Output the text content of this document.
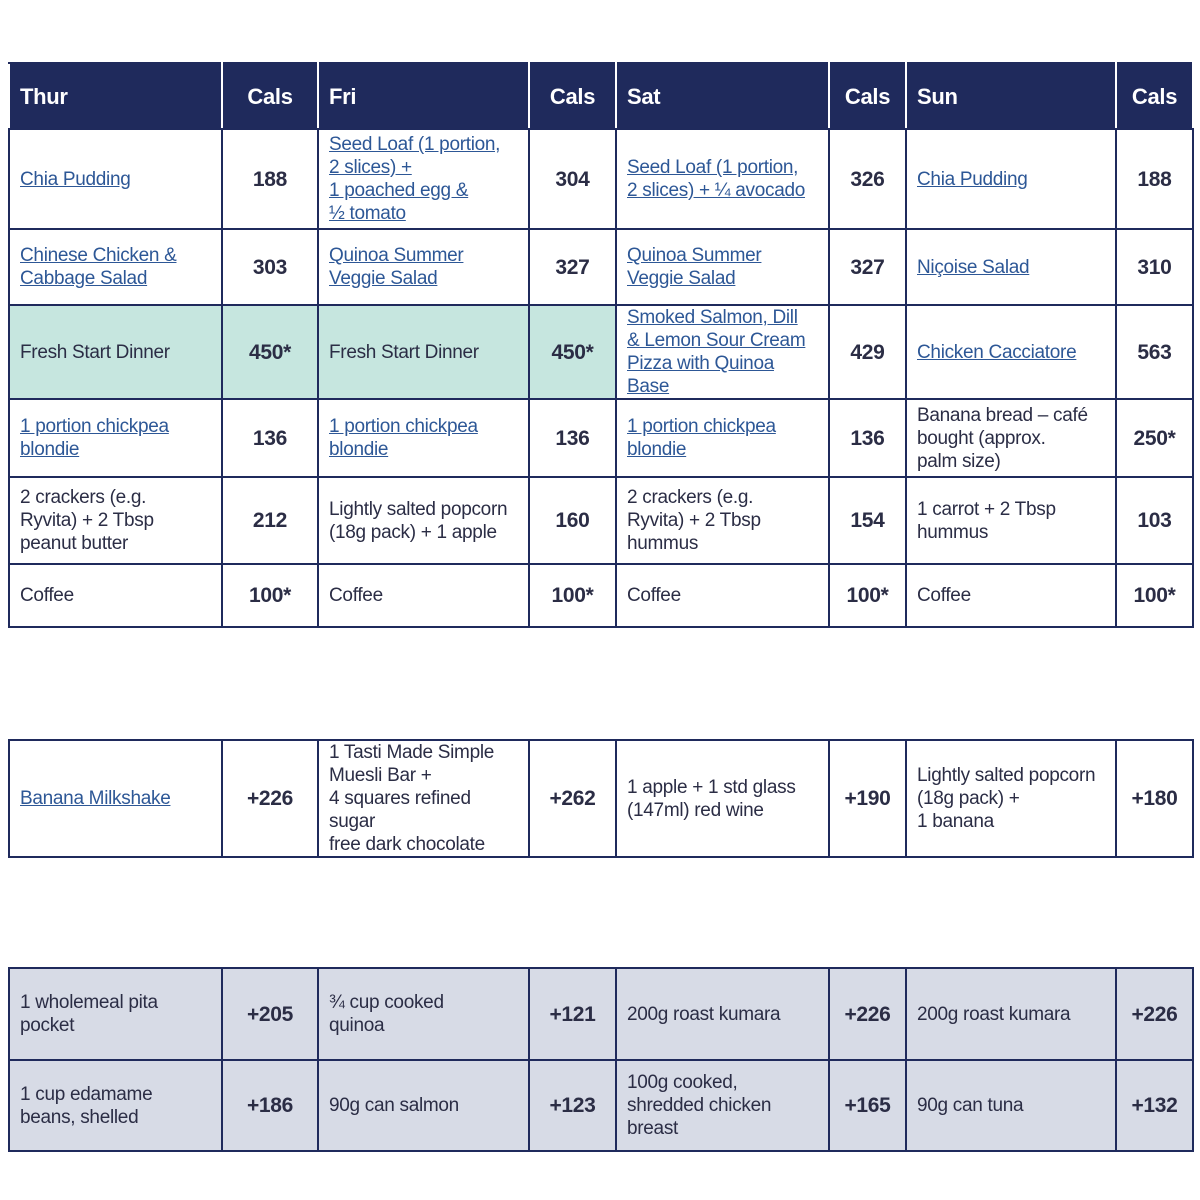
Thur	Cals	Fri	Cals	Sat	Cals	Sun	Cals
Chia Pudding	188	Seed Loaf (1 portion,
2 slices) +
1 poached egg &
½ tomato	304	Seed Loaf (1 portion,
2 slices) + ¼ avocado	326	Chia Pudding	188
Chinese Chicken &
Cabbage Salad	303	Quinoa Summer
Veggie Salad	327	Quinoa Summer
Veggie Salad	327	Niçoise Salad	310
Fresh Start Dinner	450*	Fresh Start Dinner	450*	Smoked Salmon, Dill
& Lemon Sour Cream
Pizza with Quinoa Base	429	Chicken Cacciatore	563
1 portion chickpea
blondie	136	1 portion chickpea
blondie	136	1 portion chickpea
blondie	136	Banana bread – café
bought (approx.
palm size)	250*
2 crackers (e.g.
Ryvita) + 2 Tbsp
peanut butter	212	Lightly salted popcorn
(18g pack) + 1 apple	160	2 crackers (e.g.
Ryvita) + 2 Tbsp
hummus	154	1 carrot + 2 Tbsp
hummus	103
Coffee	100*	Coffee	100*	Coffee	100*	Coffee	100*
Banana Milkshake	+226	1 Tasti Made Simple
Muesli Bar +
4 squares refined sugar
free dark chocolate	+262	1 apple + 1 std glass
(147ml) red wine	+190	Lightly salted popcorn
(18g pack) +
1 banana	+180
1 wholemeal pita
pocket	+205	¾ cup cooked
quinoa	+121	200g roast kumara	+226	200g roast kumara	+226
1 cup edamame
beans, shelled	+186	90g can salmon	+123	100g cooked,
shredded chicken
breast	+165	90g can tuna	+132
